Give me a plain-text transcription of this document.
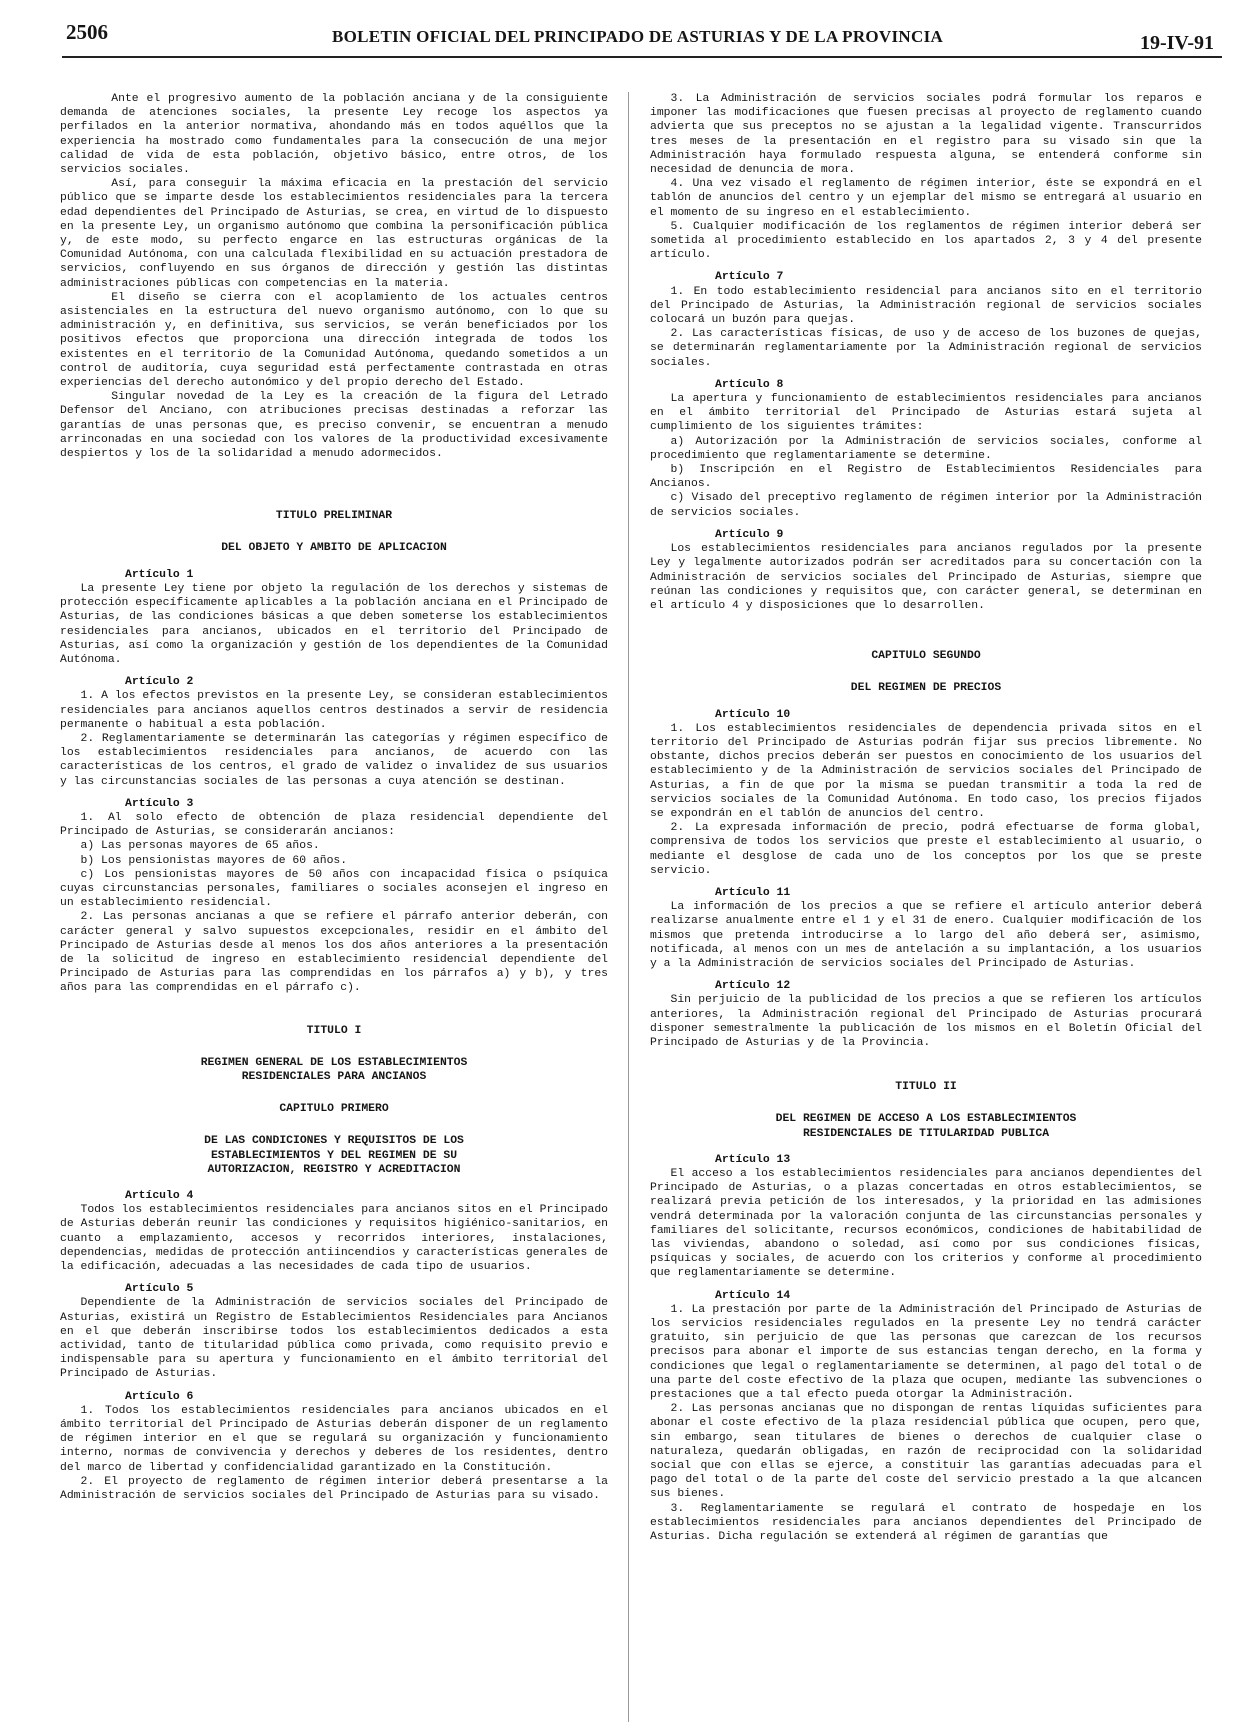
2506	BOLETIN OFICIAL DEL PRINCIPADO DE ASTURIAS Y DE LA PROVINCIA	19-IV-91

Ante el progresivo aumento de la población anciana y de la consiguiente demanda de atenciones sociales, la presente Ley recoge los aspectos ya perfilados en la anterior normativa, ahondando más en todos aquéllos que la experiencia ha mostrado como fundamentales para la consecución de una mejor calidad de vida de esta población, objetivo básico, entre otros, de los servicios sociales.

Así, para conseguir la máxima eficacia en la prestación del servicio público que se imparte desde los establecimientos residenciales para la tercera edad dependientes del Principado de Asturias, se crea, en virtud de lo dispuesto en la presente Ley, un organismo autónomo que combina la personificación pública y, de este modo, su perfecto engarce en las estructuras orgánicas de la Comunidad Autónoma, con una calculada flexibilidad en su actuación prestadora de servicios, confluyendo en sus órganos de dirección y gestión las distintas administraciones públicas con competencias en la materia.

El diseño se cierra con el acoplamiento de los actuales centros asistenciales en la estructura del nuevo organismo autónomo, con lo que su administración y, en definitiva, sus servicios, se verán beneficiados por los positivos efectos que proporciona una dirección integrada de todos los existentes en el territorio de la Comunidad Autónoma, quedando sometidos a un control de auditoría, cuya seguridad está perfectamente contrastada en otras experiencias del derecho autonómico y del propio derecho del Estado.

Singular novedad de la Ley es la creación de la figura del Letrado Defensor del Anciano, con atribuciones precisas destinadas a reforzar las garantías de unas personas que, es preciso convenir, se encuentran a menudo arrinconadas en una sociedad con los valores de la productividad excesivamente despiertos y los de la solidaridad a menudo adormecidos.

TITULO PRELIMINAR
DEL OBJETO Y AMBITO DE APLICACION
Artículo 1

La presente Ley tiene por objeto la regulación de los derechos y sistemas de protección específicamente aplicables a la población anciana en el Principado de Asturias, de las condiciones básicas a que deben someterse los establecimientos residenciales para ancianos, ubicados en el territorio del Principado de Asturias, así como la organización y gestión de los dependientes de la Comunidad Autónoma.

Artículo 2

1. A los efectos previstos en la presente Ley, se consideran establecimientos residenciales para ancianos aquellos centros destinados a servir de residencia permanente o habitual a esta población.

2. Reglamentariamente se determinarán las categorías y régimen específico de los establecimientos residenciales para ancianos, de acuerdo con las características de los centros, el grado de validez o invalidez de sus usuarios y las circunstancias sociales de las personas a cuya atención se destinan.

Artículo 3

1. Al solo efecto de obtención de plaza residencial dependiente del Principado de Asturias, se considerarán ancianos:

a) Las personas mayores de 65 años.

b) Los pensionistas mayores de 60 años.

c) Los pensionistas mayores de 50 años con incapacidad física o psíquica cuyas circunstancias personales, familiares o sociales aconsejen el ingreso en un establecimiento residencial.

2. Las personas ancianas a que se refiere el párrafo anterior deberán, con carácter general y salvo supuestos excepcionales, residir en el ámbito del Principado de Asturias desde al menos los dos años anteriores a la presentación de la solicitud de ingreso en establecimiento residencial dependiente del Principado de Asturias para las comprendidas en los párrafos a) y b), y tres años para las comprendidas en el párrafo c).

TITULO I
REGIMEN GENERAL DE LOS ESTABLECIMIENTOS RESIDENCIALES PARA ANCIANOS
CAPITULO PRIMERO
DE LAS CONDICIONES Y REQUISITOS DE LOS ESTABLECIMIENTOS Y DEL REGIMEN DE SU AUTORIZACION, REGISTRO Y ACREDITACION
Artículo 4

Todos los establecimientos residenciales para ancianos sitos en el Principado de Asturias deberán reunir las condiciones y requisitos higiénico-sanitarios, en cuanto a emplazamiento, accesos y recorridos interiores, instalaciones, dependencias, medidas de protección antiincendios y características generales de la edificación, adecuadas a las necesidades de cada tipo de usuarios.

Artículo 5

Dependiente de la Administración de servicios sociales del Principado de Asturias, existirá un Registro de Establecimientos Residenciales para Ancianos en el que deberán inscribirse todos los establecimientos dedicados a esta actividad, tanto de titularidad pública como privada, como requisito previo e indispensable para su apertura y funcionamiento en el ámbito territorial del Principado de Asturias.

Artículo 6

1. Todos los establecimientos residenciales para ancianos ubicados en el ámbito territorial del Principado de Asturias deberán disponer de un reglamento de régimen interior en el que se regulará su organización y funcionamiento interno, normas de convivencia y derechos y deberes de los residentes, dentro del marco de libertad y confidencialidad garantizado en la Constitución.

2. El proyecto de reglamento de régimen interior deberá presentarse a la Administración de servicios sociales del Principado de Asturias para su visado.

3. La Administración de servicios sociales podrá formular los reparos e imponer las modificaciones que fuesen precisas al proyecto de reglamento cuando advierta que sus preceptos no se ajustan a la legalidad vigente. Transcurridos tres meses de la presentación en el registro para su visado sin que la Administración haya formulado respuesta alguna, se entenderá conforme sin necesidad de denuncia de mora.

4. Una vez visado el reglamento de régimen interior, éste se expondrá en el tablón de anuncios del centro y un ejemplar del mismo se entregará al usuario en el momento de su ingreso en el establecimiento.

5. Cualquier modificación de los reglamentos de régimen interior deberá ser sometida al procedimiento establecido en los apartados 2, 3 y 4 del presente artículo.

Artículo 7

1. En todo establecimiento residencial para ancianos sito en el territorio del Principado de Asturias, la Administración regional de servicios sociales colocará un buzón para quejas.

2. Las características físicas, de uso y de acceso de los buzones de quejas, se determinarán reglamentariamente por la Administración regional de servicios sociales.

Artículo 8

La apertura y funcionamiento de establecimientos residenciales para ancianos en el ámbito territorial del Principado de Asturias estará sujeta al cumplimiento de los siguientes trámites:

a) Autorización por la Administración de servicios sociales, conforme al procedimiento que reglamentariamente se determine.

b) Inscripción en el Registro de Establecimientos Residenciales para Ancianos.

c) Visado del preceptivo reglamento de régimen interior por la Administración de servicios sociales.

Artículo 9

Los establecimientos residenciales para ancianos regulados por la presente Ley y legalmente autorizados podrán ser acreditados para su concertación con la Administración de servicios sociales del Principado de Asturias, siempre que reúnan las condiciones y requisitos que, con carácter general, se determinan en el artículo 4 y disposiciones que lo desarrollen.

CAPITULO SEGUNDO
DEL REGIMEN DE PRECIOS
Artículo 10

1. Los establecimientos residenciales de dependencia privada sitos en el territorio del Principado de Asturias podrán fijar sus precios libremente. No obstante, dichos precios deberán ser puestos en conocimiento de los usuarios del establecimiento y de la Administración de servicios sociales del Principado de Asturias, a fin de que por la misma se puedan transmitir a toda la red de servicios sociales de la Comunidad Autónoma. En todo caso, los precios fijados se expondrán en el tablón de anuncios del centro.

2. La expresada información de precio, podrá efectuarse de forma global, comprensiva de todos los servicios que preste el establecimiento al usuario, o mediante el desglose de cada uno de los conceptos por los que se preste servicio.

Artículo 11

La información de los precios a que se refiere el artículo anterior deberá realizarse anualmente entre el 1 y el 31 de enero. Cualquier modificación de los mismos que pretenda introducirse a lo largo del año deberá ser, asimismo, notificada, al menos con un mes de antelación a su implantación, a los usuarios y a la Administración de servicios sociales del Principado de Asturias.

Artículo 12

Sin perjuicio de la publicidad de los precios a que se refieren los artículos anteriores, la Administración regional del Principado de Asturias procurará disponer semestralmente la publicación de los mismos en el Boletín Oficial del Principado de Asturias y de la Provincia.

TITULO II
DEL REGIMEN DE ACCESO A LOS ESTABLECIMIENTOS RESIDENCIALES DE TITULARIDAD PUBLICA
Artículo 13

El acceso a los establecimientos residenciales para ancianos dependientes del Principado de Asturias, o a plazas concertadas en otros establecimientos, se realizará previa petición de los interesados, y la prioridad en las admisiones vendrá determinada por la valoración conjunta de las circunstancias personales y familiares del solicitante, recursos económicos, condiciones de habitabilidad de las viviendas, abandono o soledad, así como por sus condiciones físicas, psíquicas y sociales, de acuerdo con los criterios y conforme al procedimiento que reglamentariamente se determine.

Artículo 14

1. La prestación por parte de la Administración del Principado de Asturias de los servicios residenciales regulados en la presente Ley no tendrá carácter gratuito, sin perjuicio de que las personas que carezcan de los recursos precisos para abonar el importe de sus estancias tengan derecho, en la forma y condiciones que legal o reglamentariamente se determinen, al pago del total o de una parte del coste efectivo de la plaza que ocupen, mediante las subvenciones o prestaciones que a tal efecto pueda otorgar la Administración.

2. Las personas ancianas que no dispongan de rentas líquidas suficientes para abonar el coste efectivo de la plaza residencial pública que ocupen, pero que, sin embargo, sean titulares de bienes o derechos de cualquier clase o naturaleza, quedarán obligadas, en razón de reciprocidad con la solidaridad social que con ellas se ejerce, a constituir las garantías adecuadas para el pago del total o de la parte del coste del servicio prestado a la que alcancen sus bienes.

3. Reglamentariamente se regulará el contrato de hospedaje en los establecimientos residenciales para ancianos dependientes del Principado de Asturias. Dicha regulación se extenderá al régimen de garantías que
